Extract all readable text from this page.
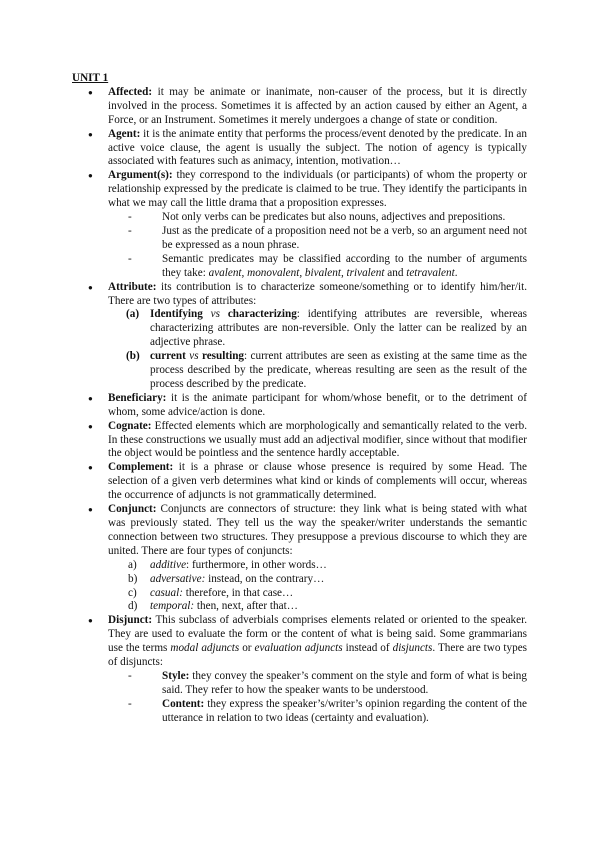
UNIT 1

● Affected: it may be animate or inanimate, non-causer of the process, but it is directly involved in the process. Sometimes it is affected by an action caused by either an Agent, a Force, or an Instrument. Sometimes it merely undergoes a change of state or condition.
● Agent: it is the animate entity that performs the process/event denoted by the predicate. In an active voice clause, the agent is usually the subject. The notion of agency is typically associated with features such as animacy, intention, motivation…
● Argument(s): they correspond to the individuals (or participants) of whom the property or relationship expressed by the predicate is claimed to be true. They identify the participants in what we may call the little drama that a proposition expresses.
-	Not only verbs can be predicates but also nouns, adjectives and prepositions.
-	Just as the predicate of a proposition need not be a verb, so an argument need not be expressed as a noun phrase.
-	Semantic predicates may be classified according to the number of arguments they take: avalent, monovalent, bivalent, trivalent and tetravalent.
● Attribute: its contribution is to characterize someone/something or to identify him/her/it. There are two types of attributes:
(a) Identifying vs characterizing: identifying attributes are reversible, whereas characterizing attributes are non-reversible. Only the latter can be realized by an adjective phrase.
(b) current vs resulting: current attributes are seen as existing at the same time as the process described by the predicate, whereas resulting are seen as the result of the process described by the predicate.
● Beneficiary: it is the animate participant for whom/whose benefit, or to the detriment of whom, some advice/action is done.
● Cognate: Effected elements which are morphologically and semantically related to the verb. In these constructions we usually must add an adjectival modifier, since without that modifier the object would be pointless and the sentence hardly acceptable.
● Complement: it is a phrase or clause whose presence is required by some Head. The selection of a given verb determines what kind or kinds of complements will occur, whereas the occurrence of adjuncts is not grammatically determined.
● Conjunct: Conjuncts are connectors of structure: they link what is being stated with what was previously stated. They tell us the way the speaker/writer understands the semantic connection between two structures. They presuppose a previous discourse to which they are united. There are four types of conjuncts:
a) additive: furthermore, in other words…
b) adversative: instead, on the contrary…
c) casual: therefore, in that case…
d) temporal: then, next, after that…
● Disjunct: This subclass of adverbials comprises elements related or oriented to the speaker. They are used to evaluate the form or the content of what is being said. Some grammarians use the terms modal adjuncts or evaluation adjuncts instead of disjuncts. There are two types of disjuncts:
-	Style: they convey the speaker’s comment on the style and form of what is being said. They refer to how the speaker wants to be understood.
-	Content: they express the speaker’s/writer’s opinion regarding the content of the utterance in relation to two ideas (certainty and evaluation).
